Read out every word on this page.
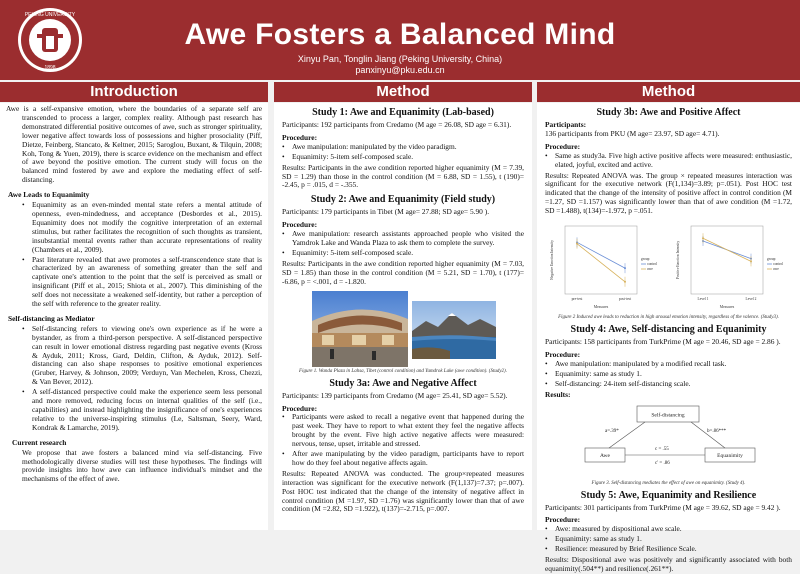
PEKING UNIVERSITY
1898
Awe Fosters a Balanced Mind
Xinyu Pan, Tonglin Jiang (Peking University, China)
panxinyu@pku.edu.cn
Introduction	Method	Method
Awe is a self-expansive emotion, where the boundaries of a separate self are transcended to process a larger, complex reality. Although past research has demonstrated differential positive outcomes of awe, such as stronger spirituality, lower negative affect towards loss of possessions and higher prosociality (Piff, Dietze, Feinberg, Stancato, & Keltner, 2015; Saroglou, Buxant, & Tilquin, 2008; Koh, Tong & Yuen, 2019), there is scarce evidence on the mechanism and effect of awe beyond the positive emotion. The current study will focus on the balanced mind fostered by awe and explore the mediating effect of self-distancing.
Awe Leads to Equanimity
• Equanimity as an even-minded mental state refers a mental attitude of openness, even-mindedness, and acceptance (Desbordes et al., 2015). Equanimity does not modify the cognitive interpretation of an external stimulus, but rather facilitates the recognition of such thoughts as transient, insubstantial mental events rather than accurate representations of reality (Chambers et al., 2009).
• Past literature revealed that awe promotes a self-transcendence state that is characterized by an awareness of something greater than the self and captivate one's attention to the point that the self is perceived as small or insignificant (Piff et al., 2015; Shiota et al., 2007). This diminishing of the self does not necessitate a weakened self-identity, but rather a perception of the self with reference to the greater reality.
Self-distancing as Mediator
• Self-distancing refers to viewing one's own experience as if he were a bystander, as from a third-person perspective. A self-distanced perspective can result in lower emotional distress regarding past negative events (Kross & Ayduk, 2011; Kross, Gard, Deldin, Clifton, & Ayduk, 2012). Self-distancing can also shape responses to positive emotional experiences (Gruber, Harvey, & Johnson, 2009; Verduyn, Van Mechelen, Kross, Chezzi, & Van Bever, 2012).
• A self-distanced perspective could make the experience seem less personal and more removed, reducing focus on internal qualities of the self (i.e., capabilities) and instead highlighting the insignificance of one's experiences relative to the universe-inspiring stimulus (Le, Saltsman, Seery, Ward, Kondrak & Lamarche, 2019).
Current research
We propose that awe fosters a balanced mind via self-distancing. Five methodologically diverse studies will test these hypotheses. The findings will provide insights into how awe can influence individual's mindset and the mechanisms of the effect of awe.
Study 1: Awe and Equanimity (Lab-based)
Participants: 192 participants from Credamo (M age = 26.08, SD age = 6.31).
Procedure:
• Awe manipulation: manipulated by the video paradigm.
• Equanimity: 5-item self-composed scale.
Results: Participants in the awe condition reported higher equanimity (M = 7.39, SD = 1.29) than those in the control condition (M = 6.88, SD = 1.55), t (190)= -2.45, p = .015, d = -.355.
Study 2: Awe and Equanimity (Field study)
Participants: 179 participants in Tibet (M age= 27.88; SD age= 5.90 ).
Procedure:
• Awe manipulation: research assistants approached people who visited the Yamdrok Lake and Wanda Plaza to ask them to complete the survey.
• Equanimity: 5-item self-composed scale.
Results: Participants in the awe condition reported higher equanimity (M = 7.03, SD = 1.85) than those in the control condition (M = 5.21, SD = 1.70), t (177)= -6.86, p = <.001, d = -1.820.
Figure 1. Wanda Plaza in Lahsa, Tibet (control condition) and Yamdrok Lake (awe condition). (Study2).
Study 3a: Awe and Negative Affect
Participants: 139 participants from Credamo (M age= 25.41, SD age= 5.52).
Procedure:
• Participants were asked to recall a negative event that happened during the past week. They have to report to what extent they feel the negative affects brought by the event. Five high active negative affects were measured: nervous, tense, upset, irritable and stressed.
• After awe manipulating by the video paradigm, participants have to report how do they feel about negative affects again.
Results: Repeated ANOVA was conducted. The group×repeated measures interaction was significant for the executive network (F(1,137)=7.37; p=.007). Post HOC test indicated that the change of the intensity of negative affect in control condition (M =1.97, SD =1.76) was significantly lower than that of awe condition (M =2.82, SD =1.922), t(137)=-2.715, p=.007.
Study 3b: Awe and Positive Affect
Participants:
136 participants from PKU (M age= 23.97, SD age= 4.71).
Procedure:
• Same as study3a. Five high active positive affects were measured: enthusiastic, elated, joyful, excited and active.
Results: Repeated ANOVA was. The group × repeated measures interaction was significant for the executive network (F(1,134)=3.89; p=.051). Post HOC test indicated that the change of the intensity of positive affect in control condition (M =1.27, SD =1.157) was significantly lower than that of awe condition (M =1.72, SD =1.488), t(134)=-1.972, p =.051.
Negative Emotion Intensity
Measures
pre-test	post-test
group
control
awe	Positive Emotion Intensity
Measures
Level 1	Level 2
group
control
awe
Figure 2 Induced awe leads to reduction in high arousal emotion intensity, regardless of the valence. (Study3).
Study 4: Awe, Self-distancing and Equanimity
Participants: 158 participants from TurkPrime (M age = 20.46, SD age = 2.86 ).
Procedure:
• Awe manipulation: manipulated by a modified recall task.
• Equanimity: same as study 1.
• Self-distancing: 24-item self-distancing scale.
Results:
Self-distancing
Awe	Equanimity
a=.39*	b=.86***
c = .55
c' = .86
Figure 3. Self-distancing mediates the effect of awe on equanimity. (Study 4).
Study 5: Awe, Equanimity and Resilience
Participants: 301 participants from TurkPrime (M age = 39.62, SD age = 9.42 ).
Procedure:
• Awe: measured by dispositional awe scale.
• Equanimity: same as study 1.
• Resilience: measured by Brief Resilience Scale.
Results: Dispositional awe was positively and significantly associated with both equanimity(.504**) and resilience(.261**).
